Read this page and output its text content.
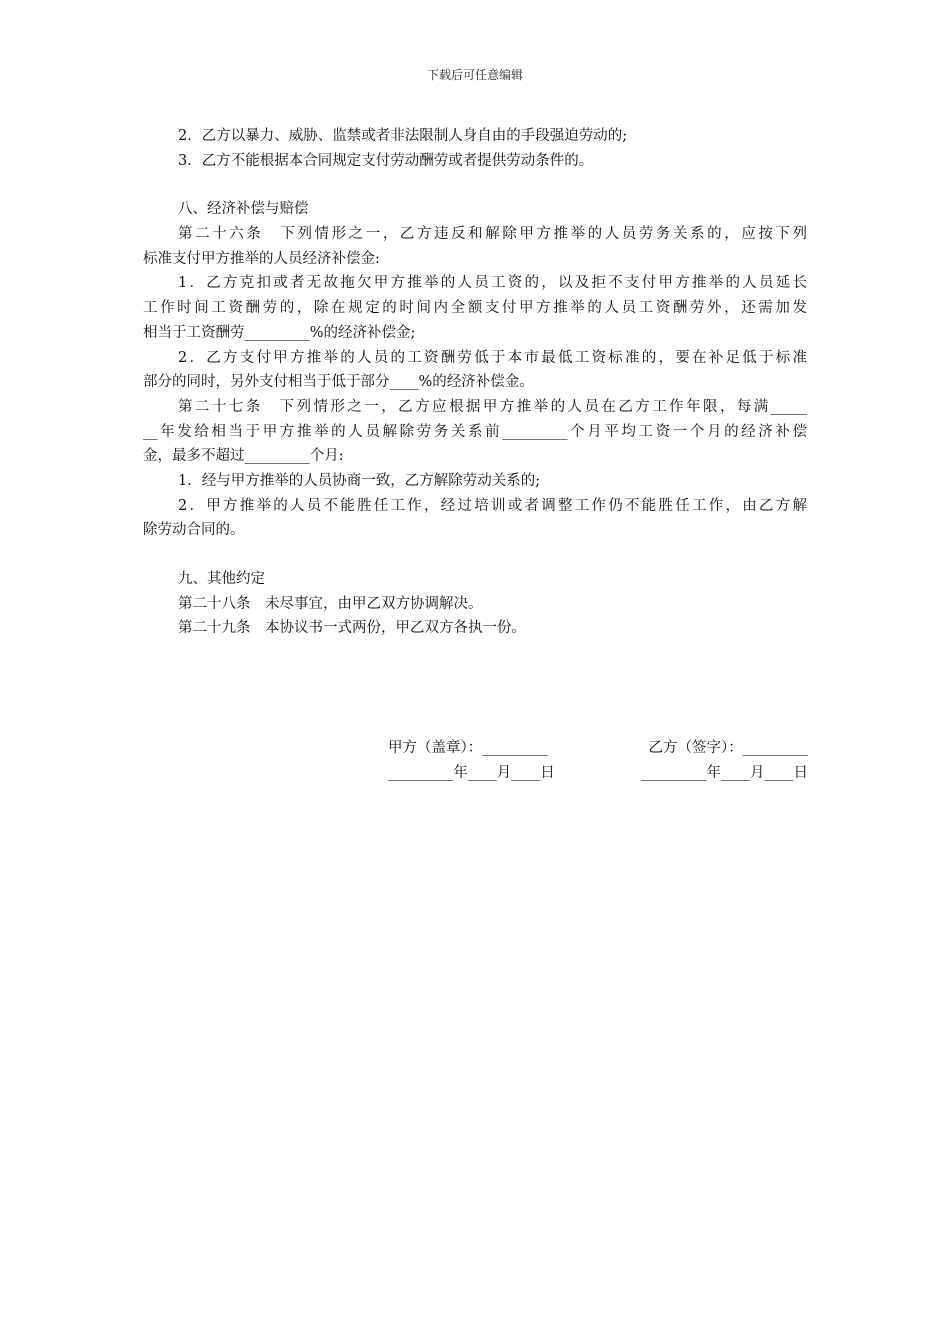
下载后可任意编辑
2．乙方以暴力、威胁、监禁或者非法限制人身自由的手段强迫劳动的;
3．乙方不能根据本合同规定支付劳动酬劳或者提供劳动条件的。
八、经济补偿与赔偿
第二十六条　下列情形之一，乙方违反和解除甲方推举的人员劳务关系的，应按下列
标准支付甲方推举的人员经济补偿金:
1．乙方克扣或者无故拖欠甲方推举的人员工资的，以及拒不支付甲方推举的人员延长
工作时间工资酬劳的，除在规定的时间内全额支付甲方推举的人员工资酬劳外，还需加发
相当于工资酬劳_________%的经济补偿金;
2．乙方支付甲方推举的人员的工资酬劳低于本市最低工资标准的，要在补足低于标准
部分的同时，另外支付相当于低于部分____%的经济补偿金。
第二十七条　下列情形之一，乙方应根据甲方推举的人员在乙方工作年限，每满_____
__年发给相当于甲方推举的人员解除劳务关系前_________个月平均工资一个月的经济补偿
金，最多不超过_________个月:
1．经与甲方推举的人员协商一致，乙方解除劳动关系的;
2．甲方推举的人员不能胜任工作，经过培训或者调整工作仍不能胜任工作，由乙方解
除劳动合同的。
九、其他约定
第二十八条　未尽事宜，由甲乙双方协调解决。
第二十九条　本协议书一式两份，甲乙双方各执一份。
甲方（盖章）：_________	乙方（签字）：_________
_________年____月____日	_________年____月____日
